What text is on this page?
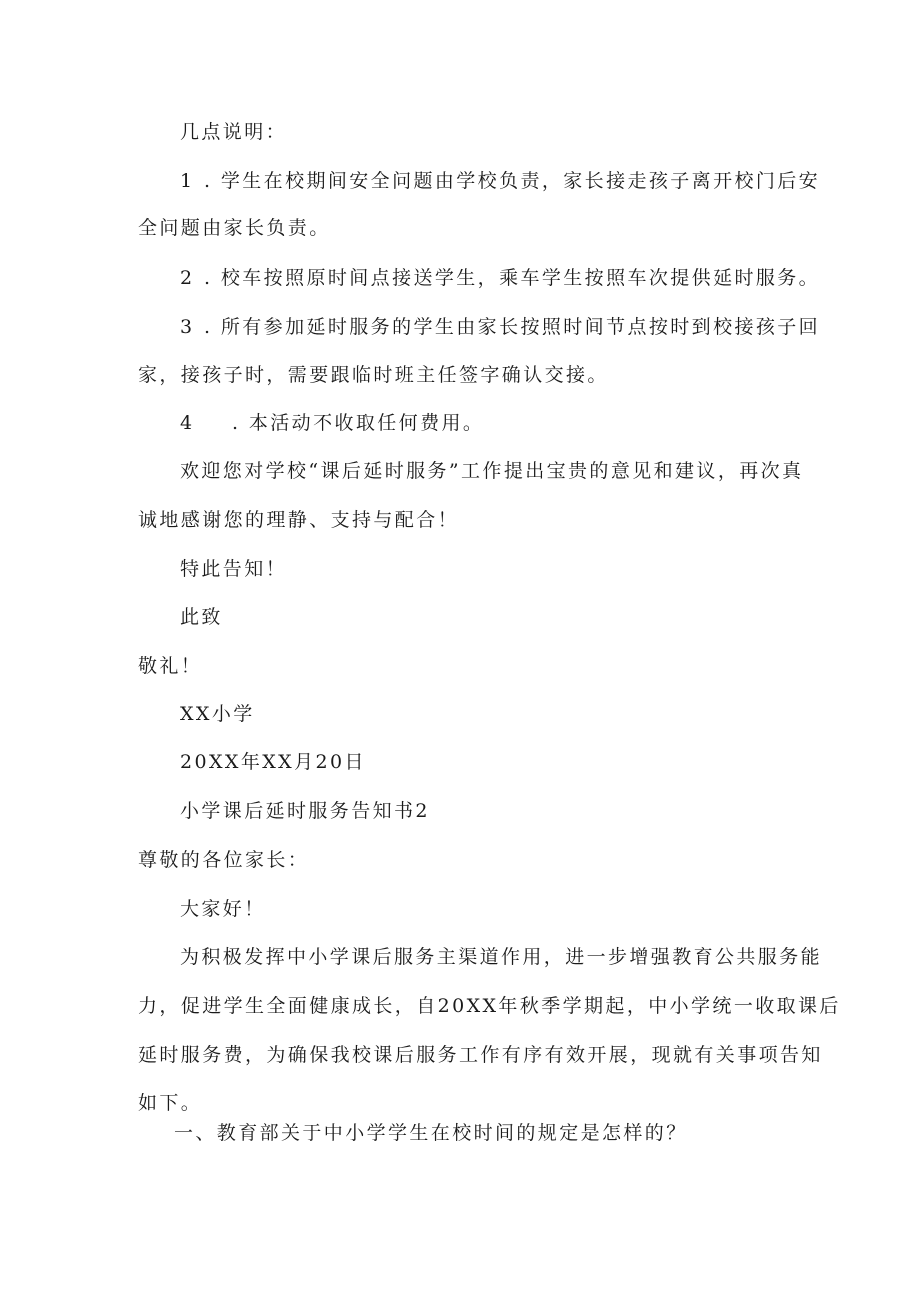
几点说明：
1 . 学生在校期间安全问题由学校负责，家长接走孩子离开校门后安
全问题由家长负责。
2 . 校车按照原时间点接送学生，乘车学生按照车次提供延时服务。
3 . 所有参加延时服务的学生由家长按照时间节点按时到校接孩子回
家，接孩子时，需要跟临时班主任签字确认交接。
4 . 本活动不收取任何费用。
欢迎您对学校“课后延时服务”工作提出宝贵的意见和建议，再次真
诚地感谢您的理静、支持与配合！
特此告知！
此致
敬礼！
XX小学
20XX年XX月20日
小学课后延时服务告知书2
尊敬的各位家长：
大家好！
为积极发挥中小学课后服务主渠道作用，进一步增强教育公共服务能
力，促进学生全面健康成长，自20XX年秋季学期起，中小学统一收取课后
延时服务费，为确保我校课后服务工作有序有效开展，现就有关事项告知
如下。
一、教育部关于中小学学生在校时间的规定是怎样的？
